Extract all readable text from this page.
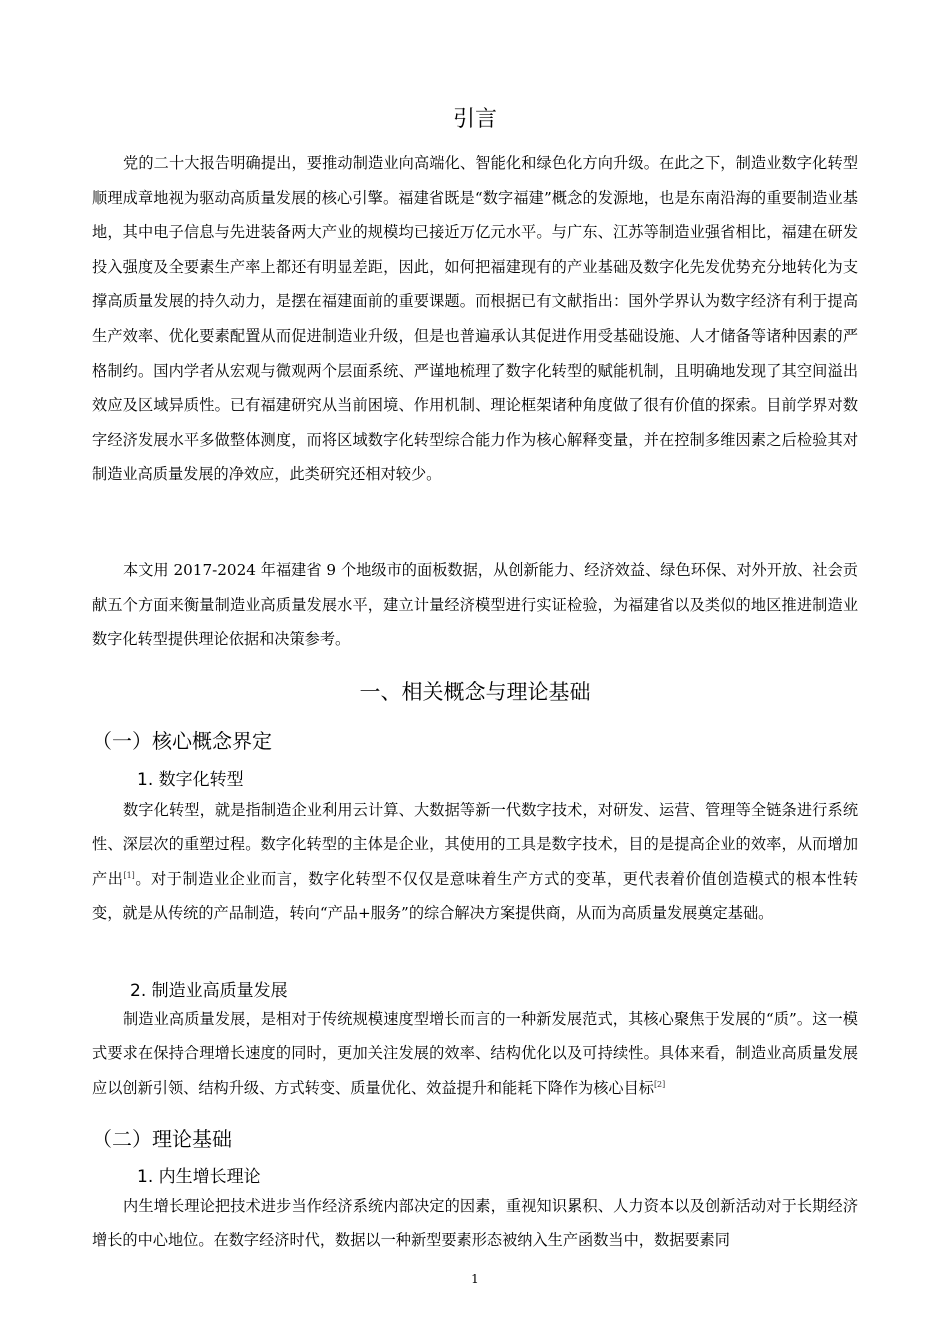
引言

党的二十大报告明确提出，要推动制造业向高端化、智能化和绿色化方向升级。在此之下，制造业数字化转型顺理成章地视为驱动高质量发展的核心引擎。福建省既是“数字福建”概念的发源地，也是东南沿海的重要制造业基地，其中电子信息与先进装备两大产业的规模均已接近万亿元水平。与广东、江苏等制造业强省相比，福建在研发投入强度及全要素生产率上都还有明显差距，因此，如何把福建现有的产业基础及数字化先发优势充分地转化为支撑高质量发展的持久动力，是摆在福建面前的重要课题。而根据已有文献指出：国外学界认为数字经济有利于提高生产效率、优化要素配置从而促进制造业升级，但是也普遍承认其促进作用受基础设施、人才储备等诸种因素的严格制约。国内学者从宏观与微观两个层面系统、严谨地梳理了数字化转型的赋能机制，且明确地发现了其空间溢出效应及区域异质性。已有福建研究从当前困境、作用机制、理论框架诸种角度做了很有价值的探索。目前学界对数字经济发展水平多做整体测度，而将区域数字化转型综合能力作为核心解释变量，并在控制多维因素之后检验其对制造业高质量发展的净效应，此类研究还相对较少。

本文用 2017-2024 年福建省 9 个地级市的面板数据，从创新能力、经济效益、绿色环保、对外开放、社会贡献五个方面来衡量制造业高质量发展水平，建立计量经济模型进行实证检验，为福建省以及类似的地区推进制造业数字化转型提供理论依据和决策参考。

一、相关概念与理论基础
（一）核心概念界定
1. 数字化转型

数字化转型，就是指制造企业利用云计算、大数据等新一代数字技术，对研发、运营、管理等全链条进行系统性、深层次的重塑过程。数字化转型的主体是企业，其使用的工具是数字技术，目的是提高企业的效率，从而增加产出[1]。对于制造业企业而言，数字化转型不仅仅是意味着生产方式的变革，更代表着价值创造模式的根本性转变，就是从传统的产品制造，转向“产品+服务”的综合解决方案提供商，从而为高质量发展奠定基础。

2. 制造业高质量发展

制造业高质量发展，是相对于传统规模速度型增长而言的一种新发展范式，其核心聚焦于发展的“质”。这一模式要求在保持合理增长速度的同时，更加关注发展的效率、结构优化以及可持续性。具体来看，制造业高质量发展应以创新引领、结构升级、方式转变、质量优化、效益提升和能耗下降作为核心目标[2]

（二）理论基础
1. 内生增长理论

内生增长理论把技术进步当作经济系统内部决定的因素，重视知识累积、人力资本以及创新活动对于长期经济增长的中心地位。在数字经济时代，数据以一种新型要素形态被纳入生产函数当中，数据要素同

1
